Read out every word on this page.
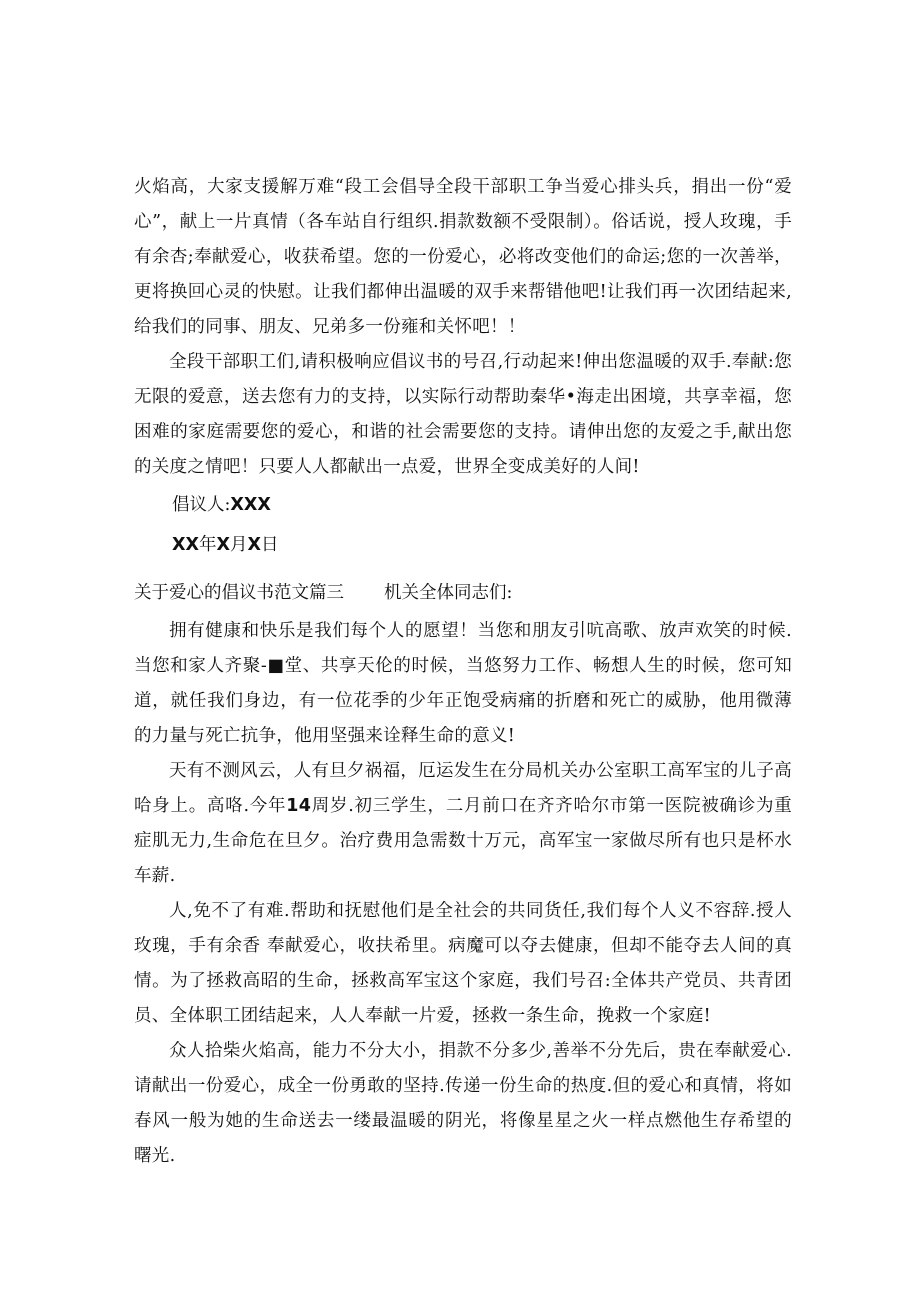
火焰高，大家支援解万难“段工会倡导全段干部职工争当爱心排头兵，捐出一份“爱心”，献上一片真情（各车站自行组织.捐款数额不受限制）。俗话说，授人玫瑰，手有余杏;奉献爱心，收获希望。您的一份爱心，必将改变他们的命运;您的一次善举，更将换回心灵的快慰。让我们都伸出温暖的双手来帮错他吧!让我们再一次团结起来,给我们的同事、朋友、兄弟多一份雍和关怀吧！！

全段干部职工们,请积极响应倡议书的号召,行动起来!伸出您温暖的双手.奉献:您无限的爱意，送去您有力的支持，以实际行动帮助秦华•海走出困境，共享幸福，您困难的家庭需要您的爱心，和谐的社会需要您的支持。请伸出您的友爱之手,献出您的关度之情吧！只要人人都献出一点爱，世界全变成美好的人间!

倡议人:XXX
XX年X月X日
关于爱心的倡议书范文篇三 机关全体同志们:

拥有健康和快乐是我们每个人的愿望！当您和朋友引吭高歌、放声欢笑的时候.当您和家人齐聚-■堂、共享天伦的时候，当悠努力工作、畅想人生的时候，您可知道，就任我们身边，有一位花季的少年正饱受病痛的折磨和死亡的威胁，他用微薄的力量与死亡抗争，他用坚强来诠释生命的意义!

天有不测风云，人有旦夕祸福，厄运发生在分局机关办公室职工高军宝的儿子高哈身上。高咯.今年14周岁.初三学生，二月前口在齐齐哈尔市第一医院被确诊为重症肌无力,生命危在旦夕。治疗费用急需数十万元，高军宝一家做尽所有也只是杯水车薪.

人,免不了有难.帮助和抚慰他们是全社会的共同货任,我们每个人义不容辞.授人玫瑰，手有余香 奉献爱心，收扶希里。病魔可以夺去健康，但却不能夺去人间的真情。为了拯救高昭的生命，拯救高军宝这个家庭，我们号召:全体共产党员、共青团员、全体职工团结起来，人人奉献一片爱，拯救一条生命，挽救一个家庭!

众人拾柴火焰高，能力不分大小，捐款不分多少,善举不分先后，贵在奉献爱心.请献出一份爱心，成全一份勇敢的坚持.传递一份生命的热度.但的爱心和真情，将如春风一般为她的生命送去一缕最温暖的阴光，将像星星之火一样点燃他生存希望的曙光.
